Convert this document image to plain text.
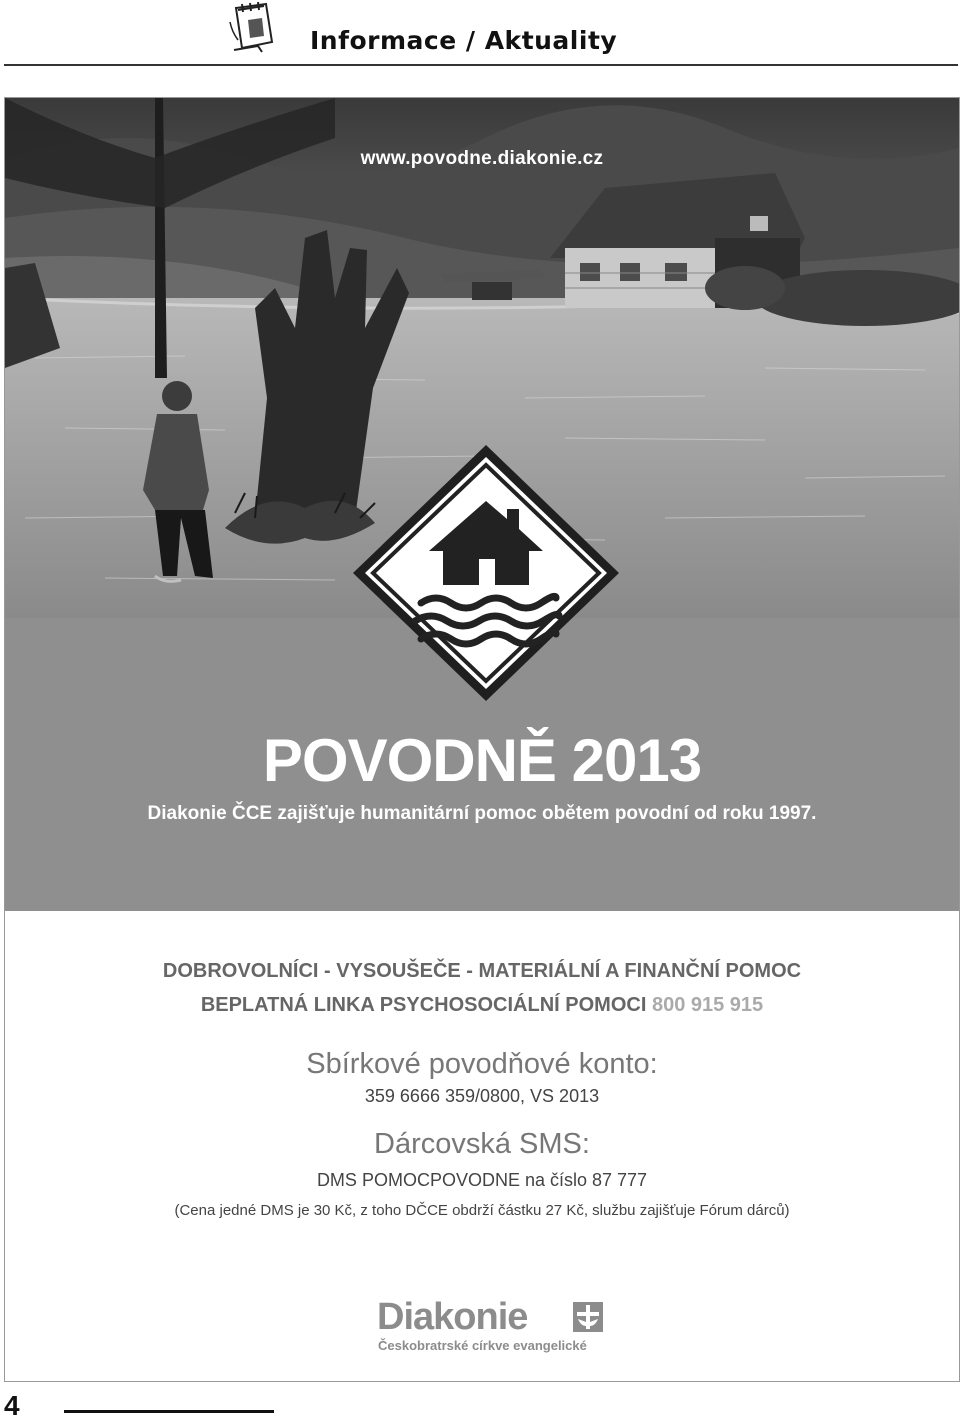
Informace / Aktuality
www.povodne.diakonie.cz
POVODNĚ 2013
Diakonie ČCE zajišťuje humanitární pomoc obětem povodní od roku 1997.
DOBROVOLNÍCI - VYSOUŠEČE - MATERIÁLNÍ A FINANČNÍ POMOC
BEPLATNÁ LINKA PSYCHOSOCIÁLNÍ POMOCI 800 915 915
Sbírkové povodňové konto:
359 6666 359/0800, VS 2013
Dárcovská SMS:
DMS POMOCPOVODNE na číslo 87 777
(Cena jedné DMS je 30 Kč, z toho DČCE obdrží částku 27 Kč, službu zajišťuje Fórum dárců)
Diakonie
Českobratrské církve evangelické
4
